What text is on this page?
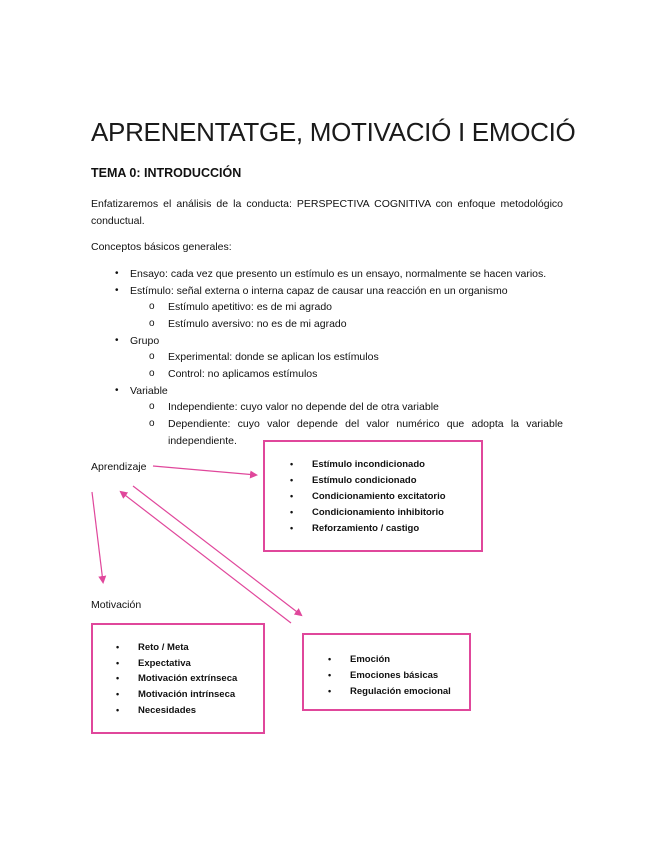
APRENENTATGE, MOTIVACIÓ I EMOCIÓ
TEMA 0: INTRODUCCIÓN
Enfatizaremos el análisis de la conducta: PERSPECTIVA COGNITIVA con enfoque metodológico conductual.
Conceptos básicos generales:
• Ensayo: cada vez que presento un estímulo es un ensayo, normalmente se hacen varios.
• Estímulo: señal externa o interna capaz de causar una reacción en un organismo
o Estímulo apetitivo: es de mi agrado
o Estímulo aversivo: no es de mi agrado
• Grupo
o Experimental: donde se aplican los estímulos
o Control: no aplicamos estímulos
• Variable
o Independiente: cuyo valor no depende del de otra variable
o Dependiente: cuyo valor depende del valor numérico que adopta la variable independiente.
Aprendizaje
Motivación
• Estímulo incondicionado
• Estímulo condicionado
• Condicionamiento excitatorio
• Condicionamiento inhibitorio
• Reforzamiento / castigo
• Reto / Meta
• Expectativa
• Motivación extrínseca
• Motivación intrínseca
• Necesidades
• Emoción
• Emociones básicas
• Regulación emocional
